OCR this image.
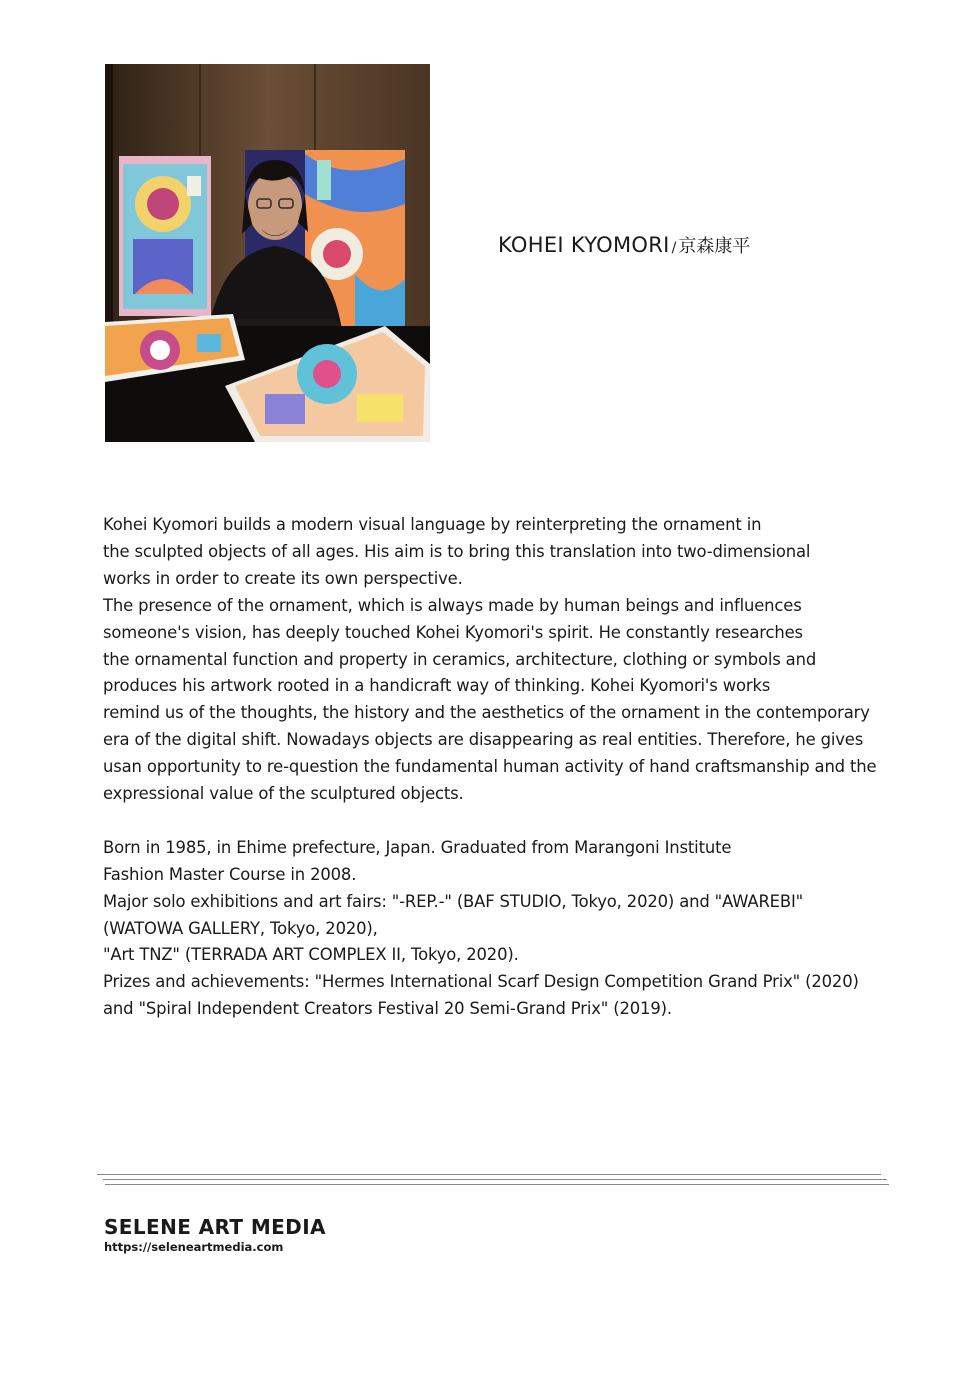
KOHEI KYOMORI / 京森康平

Kohei Kyomori builds a modern visual language by reinterpreting the ornament in
the sculpted objects of all ages. His aim is to bring this translation into two-dimensional
works in order to create its own perspective.
The presence of the ornament, which is always made by human beings and influences
someone's vision, has deeply touched Kohei Kyomori's spirit. He constantly researches
the ornamental function and property in ceramics, architecture, clothing or symbols and
produces his artwork rooted in a handicraft way of thinking. Kohei Kyomori's works
remind us of the thoughts, the history and the aesthetics of the ornament in the contemporary
era of the digital shift. Nowadays objects are disappearing as real entities. Therefore, he gives
usan opportunity to re-question the fundamental human activity of hand craftsmanship and the
expressional value of the sculptured objects.

Born in 1985, in Ehime prefecture, Japan. Graduated from Marangoni Institute
Fashion Master Course in 2008.
Major solo exhibitions and art fairs: "-REP.-" (BAF STUDIO, Tokyo, 2020) and "AWAREBI"
(WATOWA GALLERY, Tokyo, 2020),
"Art TNZ" (TERRADA ART COMPLEX II, Tokyo, 2020).
Prizes and achievements: "Hermes International Scarf Design Competition Grand Prix" (2020)
and "Spiral Independent Creators Festival 20 Semi-Grand Prix" (2019).

SELENE ART MEDIA
https://seleneartmedia.com
